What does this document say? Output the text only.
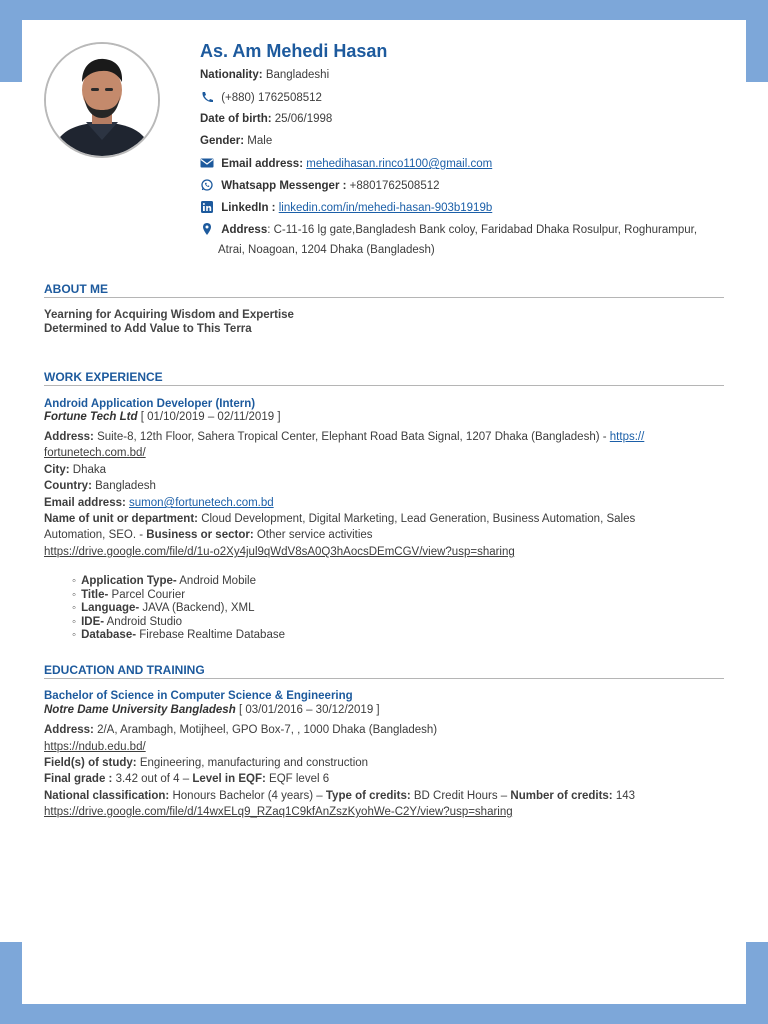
As. Am Mehedi Hasan
Nationality: Bangladeshi
(+880) 1762508512
Date of birth: 25/06/1998
Gender: Male
Email address: mehedihasan.rinco1100@gmail.com
Whatsapp Messenger : +8801762508512
LinkedIn : linkedin.com/in/mehedi-hasan-903b1919b
Address: C-11-16 lg gate,Bangladesh Bank coloy, Faridabad Dhaka Rosulpur, Roghurampur,
Atrai, Noagoan, 1204 Dhaka (Bangladesh)
ABOUT ME
Yearning for Acquiring Wisdom and Expertise
Determined to Add Value to This Terra
WORK EXPERIENCE
Android Application Developer (Intern)
Fortune Tech Ltd [ 01/10/2019 – 02/11/2019 ]
Address: Suite-8, 12th Floor, Sahera Tropical Center, Elephant Road Bata Signal, 1207 Dhaka (Bangladesh) - https://
fortunetech.com.bd/
City: Dhaka
Country: Bangladesh
Email address: sumon@fortunetech.com.bd
Name of unit or department: Cloud Development, Digital Marketing, Lead Generation, Business Automation, Sales
Automation, SEO. - Business or sector: Other service activities
https://drive.google.com/file/d/1u-o2Xy4jul9qWdV8sA0Q3hAocsDEmCGV/view?usp=sharing
◦ Application Type- Android Mobile
◦ Title- Parcel Courier
◦ Language- JAVA (Backend), XML
◦ IDE- Android Studio
◦ Database- Firebase Realtime Database
EDUCATION AND TRAINING
Bachelor of Science in Computer Science & Engineering
Notre Dame University Bangladesh [ 03/01/2016 – 30/12/2019 ]
Address: 2/A, Arambagh, Motijheel, GPO Box-7, , 1000 Dhaka (Bangladesh)
https://ndub.edu.bd/
Field(s) of study: Engineering, manufacturing and construction
Final grade : 3.42 out of 4 – Level in EQF: EQF level 6
National classification: Honours Bachelor (4 years) – Type of credits: BD Credit Hours – Number of credits: 143
https://drive.google.com/file/d/14wxELq9_RZaq1C9kfAnZszKyohWe-C2Y/view?usp=sharing
